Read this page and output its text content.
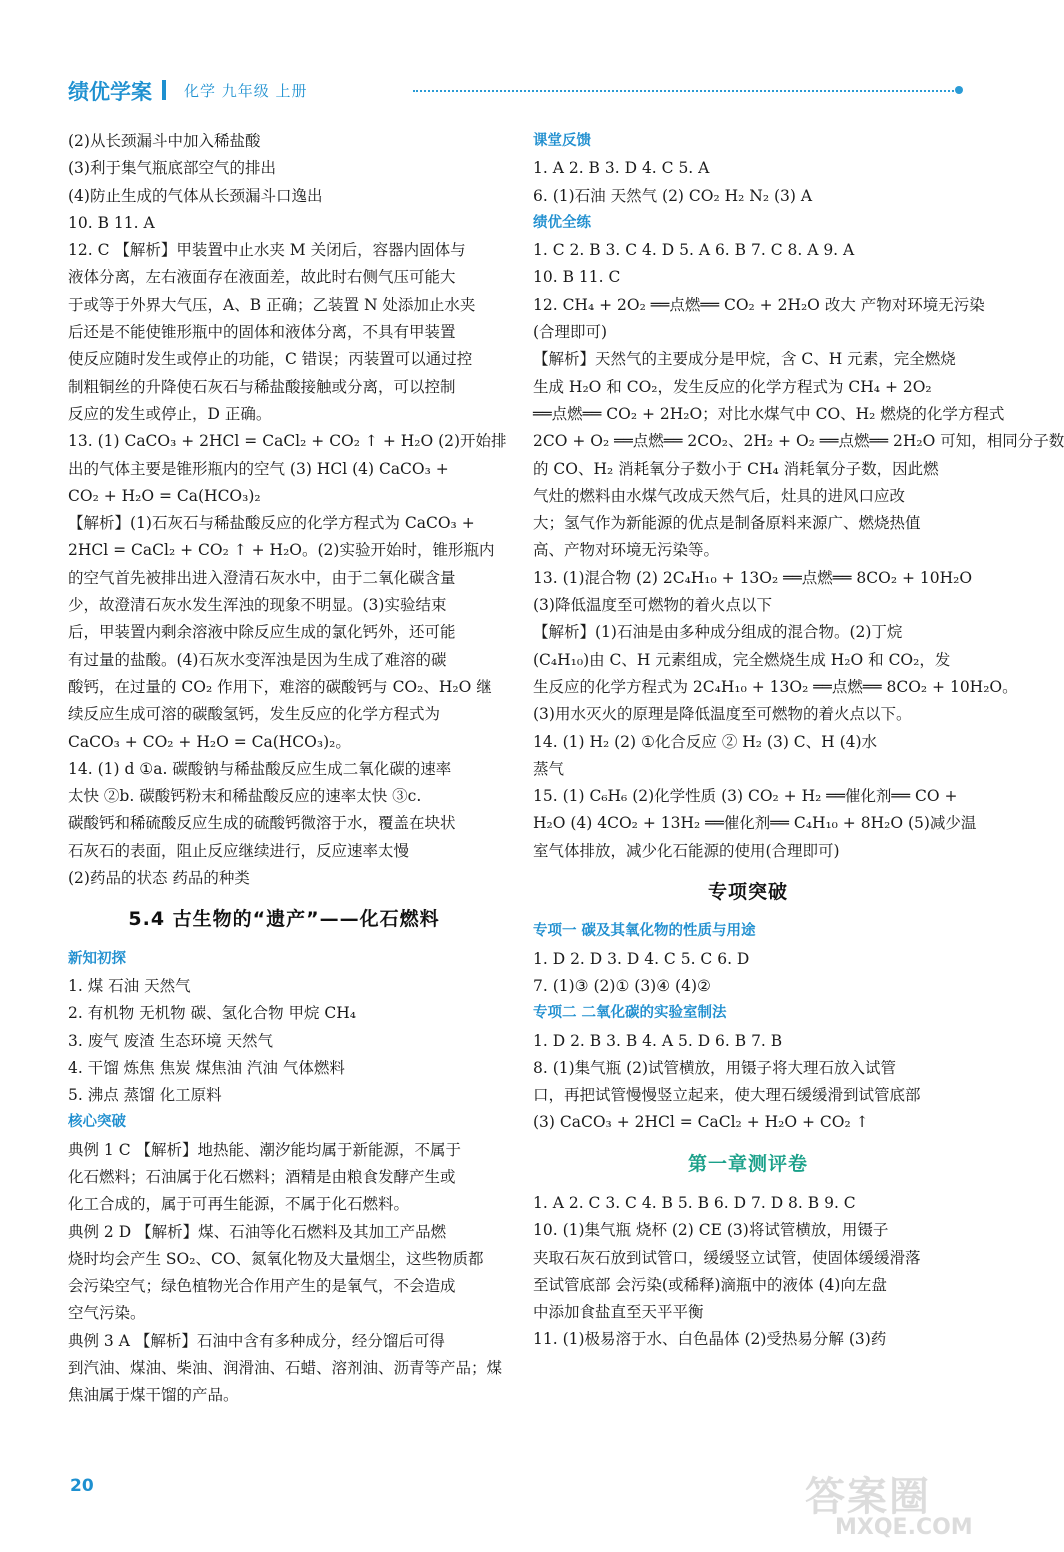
绩优学案 化学 九年级 上册
(2)从长颈漏斗中加入稀盐酸
(3)利于集气瓶底部空气的排出
(4)防止生成的气体从长颈漏斗口逸出
10. B 11. A
12. C 【解析】甲装置中止水夹 M 关闭后，容器内固体与
液体分离，左右液面存在液面差，故此时右侧气压可能大
于或等于外界大气压，A、B 正确；乙装置 N 处添加止水夹
后还是不能使锥形瓶中的固体和液体分离，不具有甲装置
使反应随时发生或停止的功能，C 错误；丙装置可以通过控
制粗铜丝的升降使石灰石与稀盐酸接触或分离，可以控制
反应的发生或停止，D 正确。
13. (1) CaCO₃ + 2HCl = CaCl₂ + CO₂ ↑ + H₂O (2)开始排
出的气体主要是锥形瓶内的空气 (3) HCl (4) CaCO₃ +
CO₂ + H₂O = Ca(HCO₃)₂
【解析】(1)石灰石与稀盐酸反应的化学方程式为 CaCO₃ +
2HCl = CaCl₂ + CO₂ ↑ + H₂O。(2)实验开始时，锥形瓶内
的空气首先被排出进入澄清石灰水中，由于二氧化碳含量
少，故澄清石灰水发生浑浊的现象不明显。(3)实验结束
后，甲装置内剩余溶液中除反应生成的氯化钙外，还可能
有过量的盐酸。(4)石灰水变浑浊是因为生成了难溶的碳
酸钙，在过量的 CO₂ 作用下，难溶的碳酸钙与 CO₂、H₂O 继
续反应生成可溶的碳酸氢钙，发生反应的化学方程式为
CaCO₃ + CO₂ + H₂O = Ca(HCO₃)₂。
14. (1) d ①a. 碳酸钠与稀盐酸反应生成二氧化碳的速率
太快 ②b. 碳酸钙粉末和稀盐酸反应的速率太快 ③c.
碳酸钙和稀硫酸反应生成的硫酸钙微溶于水，覆盖在块状
石灰石的表面，阻止反应继续进行，反应速率太慢
(2)药品的状态 药品的种类
5.4 古生物的“遗产”——化石燃料
新知初探
1. 煤 石油 天然气
2. 有机物 无机物 碳、氢化合物 甲烷 CH₄
3. 废气 废渣 生态环境 天然气
4. 干馏 炼焦 焦炭 煤焦油 汽油 气体燃料
5. 沸点 蒸馏 化工原料
核心突破
典例 1 C 【解析】地热能、潮汐能均属于新能源，不属于
化石燃料；石油属于化石燃料；酒精是由粮食发酵产生或
化工合成的，属于可再生能源，不属于化石燃料。
典例 2 D 【解析】煤、石油等化石燃料及其加工产品燃
烧时均会产生 SO₂、CO、氮氧化物及大量烟尘，这些物质都
会污染空气；绿色植物光合作用产生的是氧气，不会造成
空气污染。
典例 3 A 【解析】石油中含有多种成分，经分馏后可得
到汽油、煤油、柴油、润滑油、石蜡、溶剂油、沥青等产品；煤
焦油属于煤干馏的产品。
课堂反馈
1. A 2. B 3. D 4. C 5. A
6. (1)石油 天然气 (2) CO₂ H₂ N₂ (3) A
绩优全练
1. C 2. B 3. C 4. D 5. A 6. B 7. C 8. A 9. A
10. B 11. C
12. CH₄ + 2O₂ ══点燃══ CO₂ + 2H₂O 改大 产物对环境无污染
(合理即可)
【解析】天然气的主要成分是甲烷，含 C、H 元素，完全燃烧
生成 H₂O 和 CO₂，发生反应的化学方程式为 CH₄ + 2O₂
══点燃══ CO₂ + 2H₂O；对比水煤气中 CO、H₂ 燃烧的化学方程式
2CO + O₂ ══点燃══ 2CO₂、2H₂ + O₂ ══点燃══ 2H₂O 可知，相同分子数
的 CO、H₂ 消耗氧分子数小于 CH₄ 消耗氧分子数，因此燃
气灶的燃料由水煤气改成天然气后，灶具的进风口应改
大；氢气作为新能源的优点是制备原料来源广、燃烧热值
高、产物对环境无污染等。
13. (1)混合物 (2) 2C₄H₁₀ + 13O₂ ══点燃══ 8CO₂ + 10H₂O
(3)降低温度至可燃物的着火点以下
【解析】(1)石油是由多种成分组成的混合物。(2)丁烷
(C₄H₁₀)由 C、H 元素组成，完全燃烧生成 H₂O 和 CO₂，发
生反应的化学方程式为 2C₄H₁₀ + 13O₂ ══点燃══ 8CO₂ + 10H₂O。
(3)用水灭火的原理是降低温度至可燃物的着火点以下。
14. (1) H₂ (2) ①化合反应 ② H₂ (3) C、H (4)水
蒸气
15. (1) C₆H₆ (2)化学性质 (3) CO₂ + H₂ ══催化剂══ CO +
H₂O (4) 4CO₂ + 13H₂ ══催化剂══ C₄H₁₀ + 8H₂O (5)减少温
室气体排放，减少化石能源的使用(合理即可)
专项突破
专项一 碳及其氧化物的性质与用途
1. D 2. D 3. D 4. C 5. C 6. D
7. (1)③ (2)① (3)④ (4)②
专项二 二氧化碳的实验室制法
1. D 2. B 3. B 4. A 5. D 6. B 7. B
8. (1)集气瓶 (2)试管横放，用镊子将大理石放入试管
口，再把试管慢慢竖立起来，使大理石缓缓滑到试管底部
(3) CaCO₃ + 2HCl = CaCl₂ + H₂O + CO₂ ↑
第一章测评卷
1. A 2. C 3. C 4. B 5. B 6. D 7. D 8. B 9. C
10. (1)集气瓶 烧杯 (2) CE (3)将试管横放，用镊子
夹取石灰石放到试管口，缓缓竖立试管，使固体缓缓滑落
至试管底部 会污染(或稀释)滴瓶中的液体 (4)向左盘
中添加食盐直至天平平衡
11. (1)极易溶于水、白色晶体 (2)受热易分解 (3)药
20	答案圈
MXQE.COM
